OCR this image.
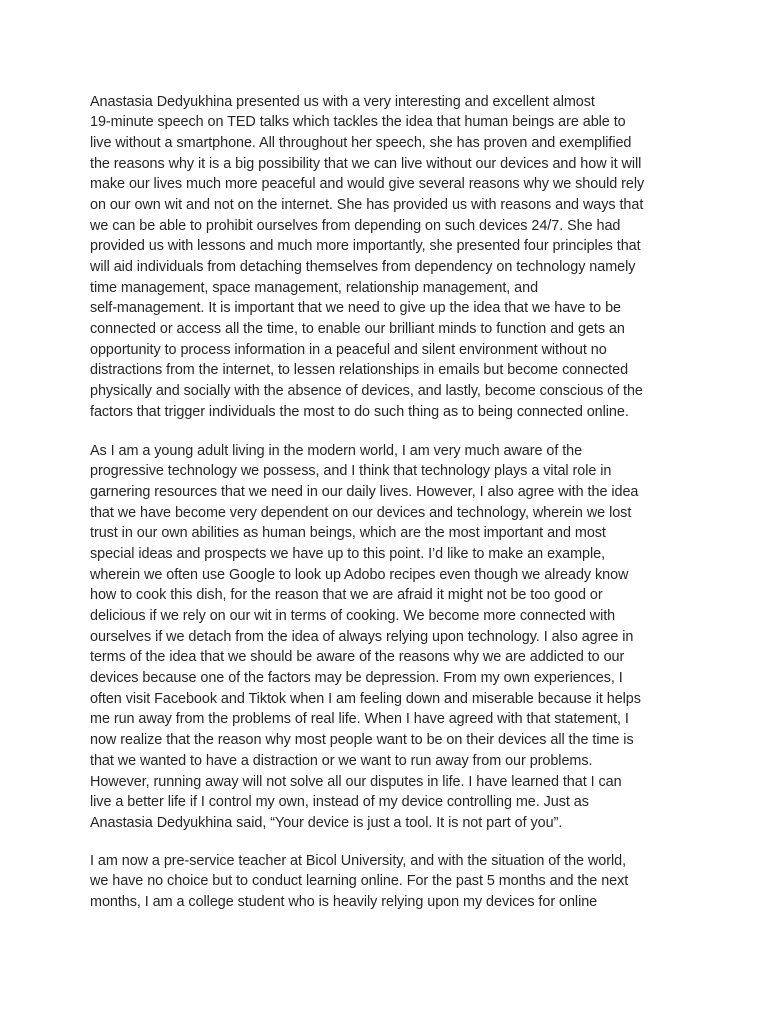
Anastasia Dedyukhina presented us with a very interesting and excellent almost
19-minute speech on TED talks which tackles the idea that human beings are able to
live without a smartphone. All throughout her speech, she has proven and exemplified
the reasons why it is a big possibility that we can live without our devices and how it will
make our lives much more peaceful and would give several reasons why we should rely
on our own wit and not on the internet. She has provided us with reasons and ways that
we can be able to prohibit ourselves from depending on such devices 24/7. She had
provided us with lessons and much more importantly, she presented four principles that
will aid individuals from detaching themselves from dependency on technology namely
time management, space management, relationship management, and
self-management. It is important that we need to give up the idea that we have to be
connected or access all the time, to enable our brilliant minds to function and gets an
opportunity to process information in a peaceful and silent environment without no
distractions from the internet, to lessen relationships in emails but become connected
physically and socially with the absence of devices, and lastly, become conscious of the
factors that trigger individuals the most to do such thing as to being connected online.
As I am a young adult living in the modern world, I am very much aware of the
progressive technology we possess, and I think that technology plays a vital role in
garnering resources that we need in our daily lives. However, I also agree with the idea
that we have become very dependent on our devices and technology, wherein we lost
trust in our own abilities as human beings, which are the most important and most
special ideas and prospects we have up to this point. I’d like to make an example,
wherein we often use Google to look up Adobo recipes even though we already know
how to cook this dish, for the reason that we are afraid it might not be too good or
delicious if we rely on our wit in terms of cooking. We become more connected with
ourselves if we detach from the idea of always relying upon technology. I also agree in
terms of the idea that we should be aware of the reasons why we are addicted to our
devices because one of the factors may be depression. From my own experiences, I
often visit Facebook and Tiktok when I am feeling down and miserable because it helps
me run away from the problems of real life. When I have agreed with that statement, I
now realize that the reason why most people want to be on their devices all the time is
that we wanted to have a distraction or we want to run away from our problems.
However, running away will not solve all our disputes in life. I have learned that I can
live a better life if I control my own, instead of my device controlling me. Just as
Anastasia Dedyukhina said, “Your device is just a tool. It is not part of you”.
I am now a pre-service teacher at Bicol University, and with the situation of the world,
we have no choice but to conduct learning online. For the past 5 months and the next
months, I am a college student who is heavily relying upon my devices for online
